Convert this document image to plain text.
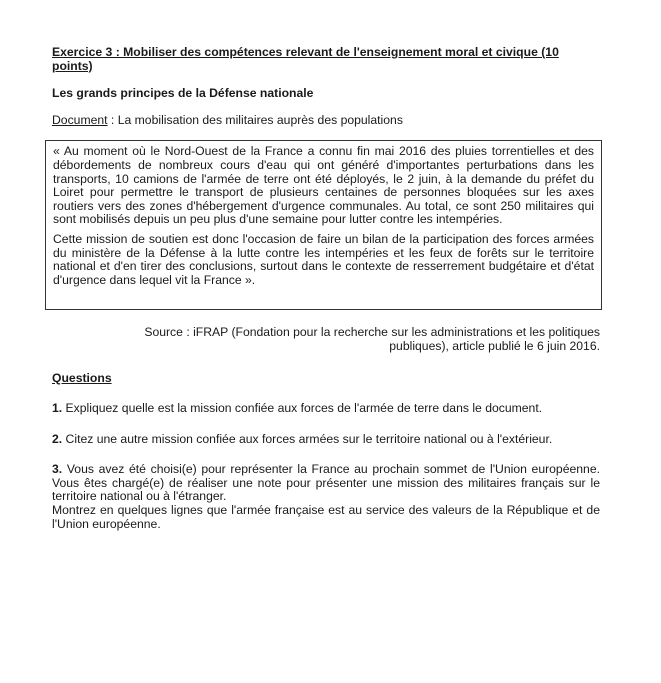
Exercice 3 : Mobiliser des compétences relevant de l'enseignement moral et civique (10 points)

Les grands principes de la Défense nationale

Document : La mobilisation des militaires auprès des populations

« Au moment où le Nord-Ouest de la France a connu fin mai 2016 des pluies torrentielles et des débordements de nombreux cours d'eau qui ont généré d'importantes perturbations dans les transports, 10 camions de l'armée de terre ont été déployés, le 2 juin, à la demande du préfet du Loiret pour permettre le transport de plusieurs centaines de personnes bloquées sur les axes routiers vers des zones d'hébergement d'urgence communales. Au total, ce sont 250 militaires qui sont mobilisés depuis un peu plus d'une semaine pour lutter contre les intempéries.

Cette mission de soutien est donc l'occasion de faire un bilan de la participation des forces armées du ministère de la Défense à la lutte contre les intempéries et les feux de forêts sur le territoire national et d'en tirer des conclusions, surtout dans le contexte de resserrement budgétaire et d'état d'urgence dans lequel vit la France ».

Source : iFRAP (Fondation pour la recherche sur les administrations et les politiques publiques), article publié le 6 juin 2016.

Questions

1. Expliquez quelle est la mission confiée aux forces de l'armée de terre dans le document.

2. Citez une autre mission confiée aux forces armées sur le territoire national ou à l'extérieur.

3. Vous avez été choisi(e) pour représenter la France au prochain sommet de l'Union européenne. Vous êtes chargé(e) de réaliser une note pour présenter une mission des militaires français sur le territoire national ou à l'étranger.

Montrez en quelques lignes que l'armée française est au service des valeurs de la République et de l'Union européenne.
